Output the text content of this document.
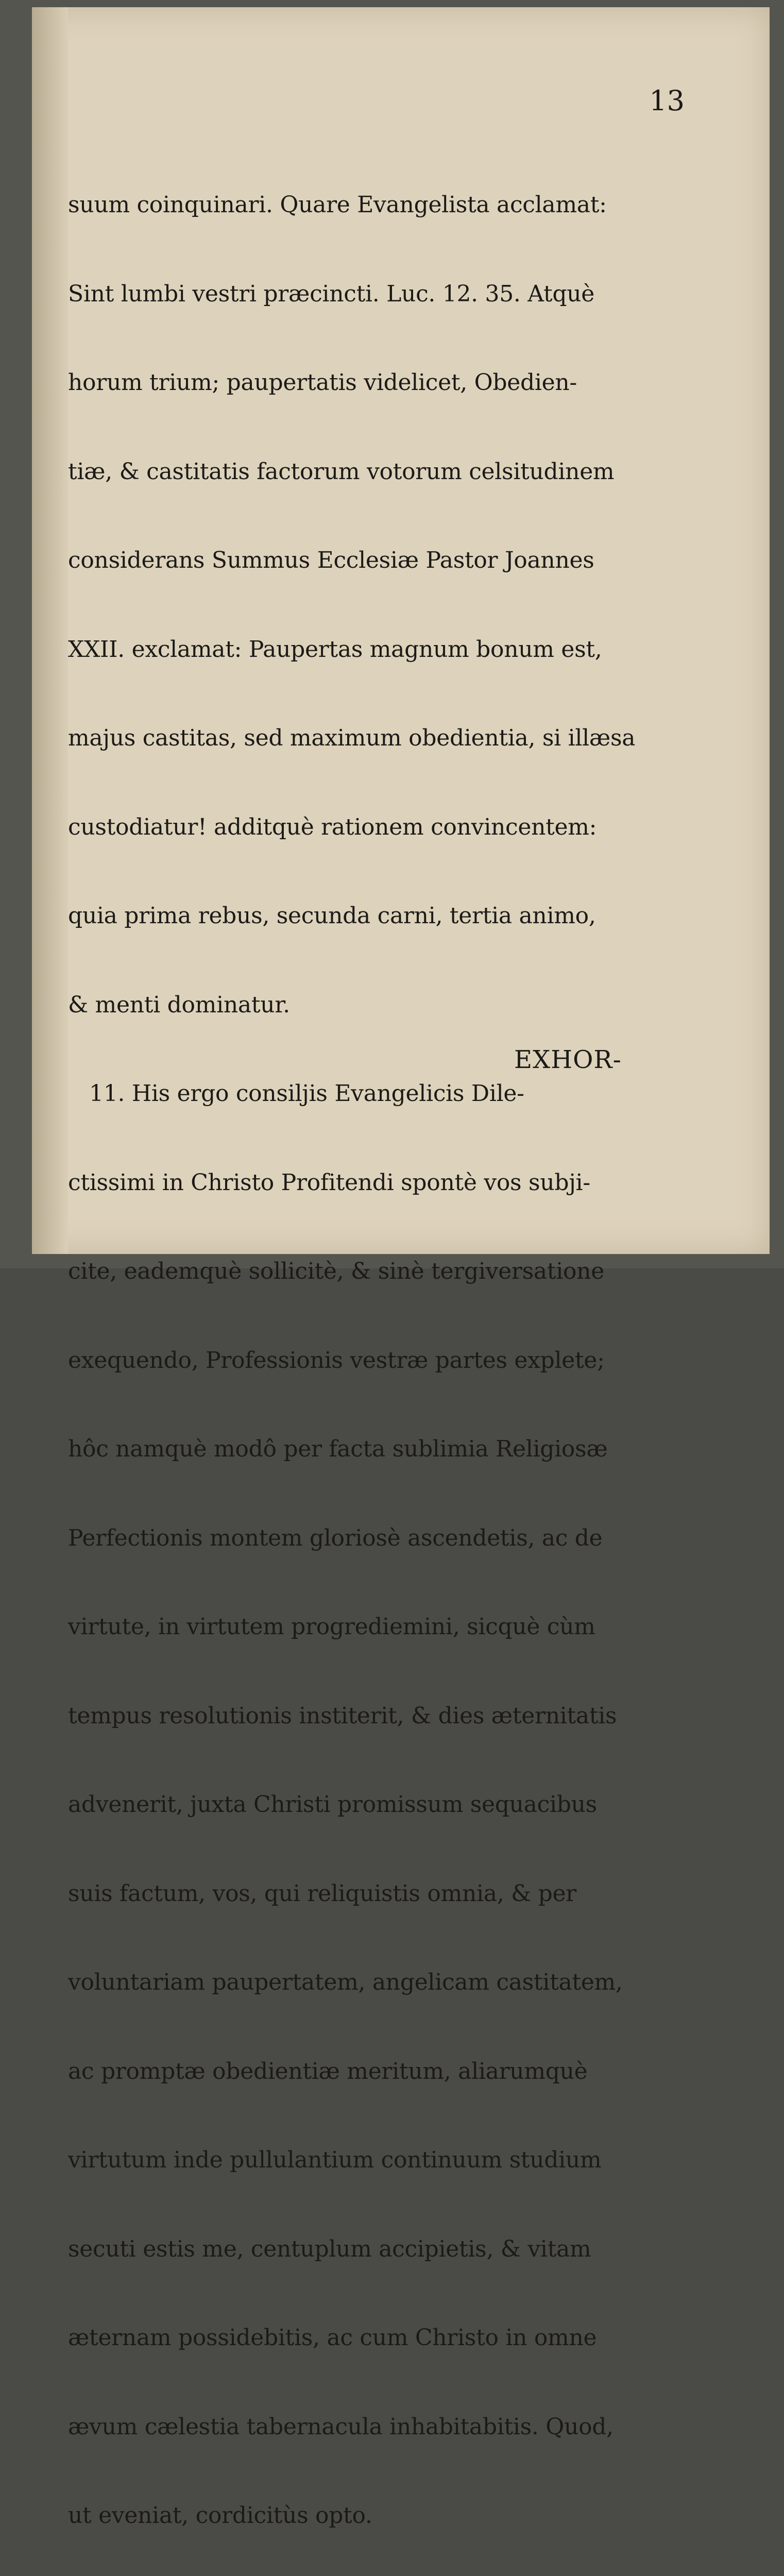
13

suum coinquinari. Quare Evangelista acclamat:

Sint lumbi vestri præcincti. Luc. 12. 35. Atquè

horum trium; paupertatis videlicet, Obedien-

tiæ, & castitatis factorum votorum celsitudinem

considerans Summus Ecclesiæ Pastor Joannes

XXII. exclamat: Paupertas magnum bonum est,

majus castitas, sed maximum obedientia, si illæsa

custodiatur! additquè rationem convincentem:

quia prima rebus, secunda carni, tertia animo,

& menti dominatur.

11. His ergo consiljis Evangelicis Dile-

ctissimi in Christo Profitendi spontè vos subji-

cite, eademquè sollicitè, & sinè tergiversatione

exequendo, Professionis vestræ partes explete;

hôc namquè modô per facta sublimia Religiosæ

Perfectionis montem gloriosè ascendetis, ac de

virtute, in virtutem progrediemini, sicquè cùm

tempus resolutionis institerit, & dies æternitatis

advenerit, juxta Christi promissum sequacibus

suis factum, vos, qui reliquistis omnia, & per

voluntariam paupertatem, angelicam castitatem,

ac promptæ obedientiæ meritum, aliarumquè

virtutum inde pullulantium continuum studium

secuti estis me, centuplum accipietis, & vitam

æternam possidebitis, ac cum Christo in omne

ævum cælestia tabernacula inhabitabitis. Quod,

ut eveniat, cordicitùs opto.

EXHOR-
